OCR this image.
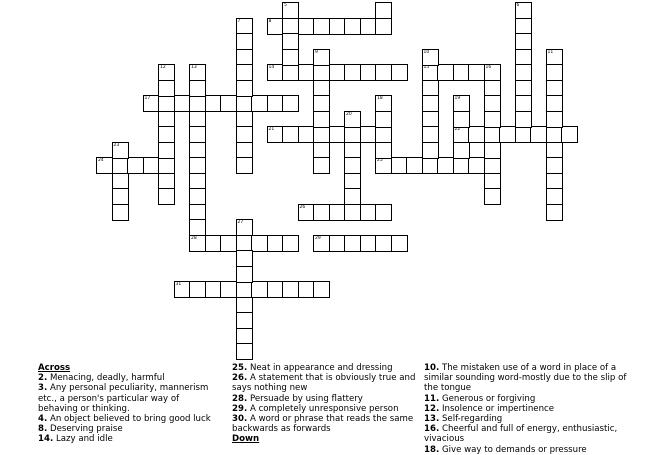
8
14	15	16
17
21	22
24	25
26
28	29
31
5	6
7
9	10	11
12	13
20
18	19
23
27
Across
2. Menacing, deadly, harmful
3. Any personal peculiarity, mannerism etc., a person's particular way of behaving or thinking.
4. An object believed to bring good luck
8. Deserving praise
14. Lazy and idle
25. Neat in appearance and dressing
26. A statement that is obviously true and says nothing new
28. Persuade by using flattery
29. A completely unresponsive person
30. A word or phrase that reads the same backwards as forwards
Down
10. The mistaken use of a word in place of a similar sounding word-mostly due to the slip of the tongue
11. Generous or forgiving
12. Insolence or impertinence
13. Self-regarding
16. Cheerful and full of energy, enthusiastic, vivacious
18. Give way to demands or pressure
